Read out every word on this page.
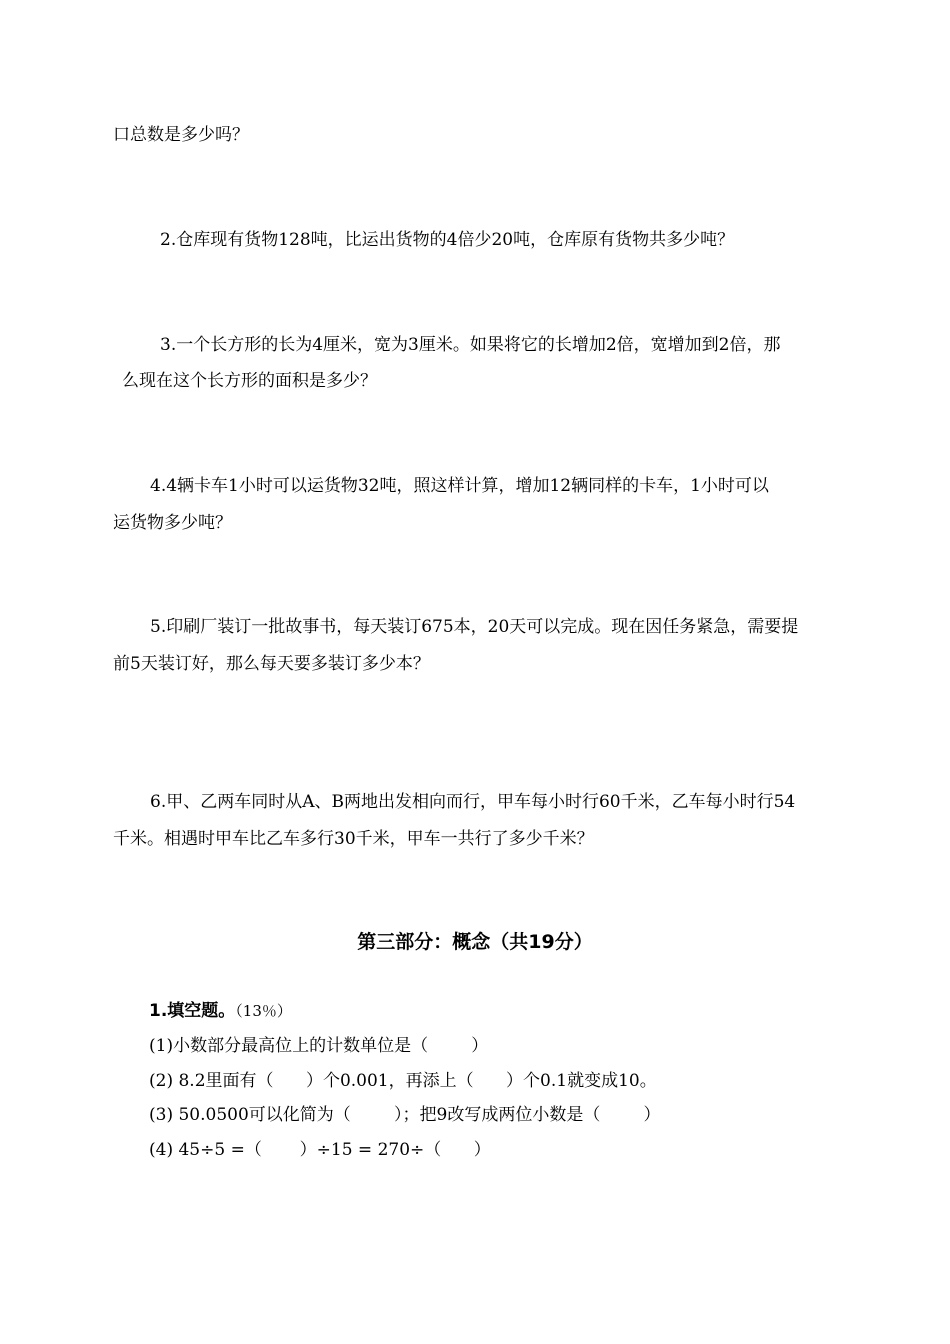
口总数是多少吗？

2.仓库现有货物128吨，比运出货物的4倍少20吨，仓库原有货物共多少吨？

3.一个长方形的长为4厘米，宽为3厘米。如果将它的长增加2倍，宽增加到2倍，那

么现在这个长方形的面积是多少？

4.4辆卡车1小时可以运货物32吨，照这样计算，增加12辆同样的卡车，1小时可以

运货物多少吨？

5.印刷厂装订一批故事书，每天装订675本，20天可以完成。现在因任务紧急，需要提

前5天装订好，那么每天要多装订多少本？

6.甲、乙两车同时从A、B两地出发相向而行，甲车每小时行60千米，乙车每小时行54

千米。相遇时甲车比乙车多行30千米，甲车一共行了多少千米？

第三部分：概念（共19分）

1.填空题。（13％）

(1)小数部分最高位上的计数单位是（        ）

(2) 8.2里面有（      ）个0.001，再添上（      ）个0.1就变成10。

(3) 50.0500可以化简为（        ）；把9改写成两位小数是（        ）

(4) 45÷5 =（       ）÷15 = 270÷（      ）
